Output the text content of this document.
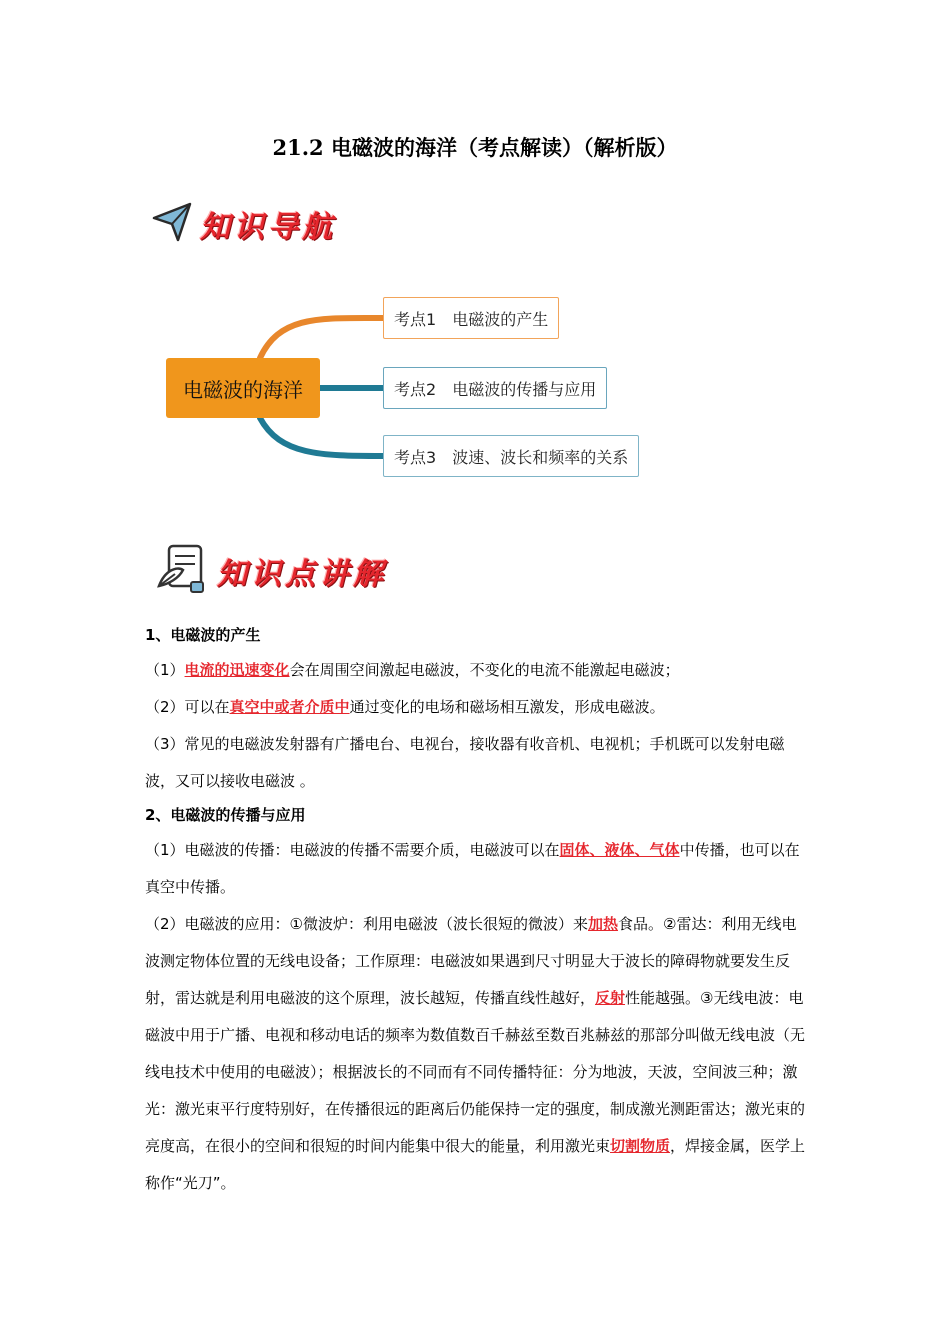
21.2 电磁波的海洋（考点解读）（解析版）
知识导航
电磁波的海洋
考点1 电磁波的产生
考点2 电磁波的传播与应用
考点3 波速、波长和频率的关系
知识点讲解
1、电磁波的产生

（1）电流的迅速变化会在周围空间激起电磁波，不变化的电流不能激起电磁波；

（2）可以在真空中或者介质中通过变化的电场和磁场相互激发，形成电磁波。

（3）常见的电磁波发射器有广播电台、电视台，接收器有收音机、电视机；手机既可以发射电磁波，又可以接收电磁波 。

2、电磁波的传播与应用

（1）电磁波的传播：电磁波的传播不需要介质，电磁波可以在固体、液体、气体中传播，也可以在真空中传播。

（2）电磁波的应用：①微波炉：利用电磁波（波长很短的微波）来加热食品。②雷达：利用无线电波测定物体位置的无线电设备；工作原理：电磁波如果遇到尺寸明显大于波长的障碍物就要发生反射，雷达就是利用电磁波的这个原理，波长越短，传播直线性越好，反射性能越强。③无线电波：电磁波中用于广播、电视和移动电话的频率为数值数百千赫兹至数百兆赫兹的那部分叫做无线电波（无线电技术中使用的电磁波）；根据波长的不同而有不同传播特征：分为地波，天波，空间波三种；激光：激光束平行度特别好，在传播很远的距离后仍能保持一定的强度，制成激光测距雷达；激光束的亮度高，在很小的空间和很短的时间内能集中很大的能量，利用激光束切割物质，焊接金属，医学上称作“光刀”。
